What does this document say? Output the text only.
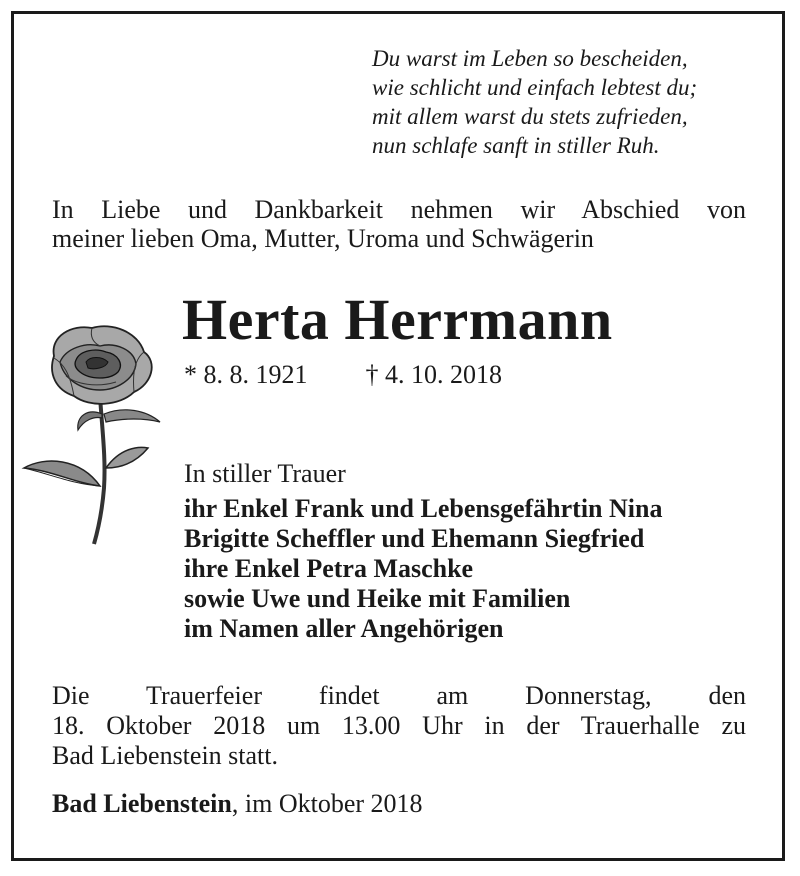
Du warst im Leben so bescheiden,
wie schlicht und einfach lebtest du;
mit allem warst du stets zufrieden,
nun schlafe sanft in stiller Ruh.
In Liebe und Dankbarkeit nehmen wir Abschied von
meiner lieben Oma, Mutter, Uroma und Schwägerin
Herta Herrmann
* 8. 8. 1921 † 4. 10. 2018
In stiller Trauer
ihr Enkel Frank und Lebensgefährtin Nina
Brigitte Scheffler und Ehemann Siegfried
ihre Enkel Petra Maschke
sowie Uwe und Heike mit Familien
im Namen aller Angehörigen
Die Trauerfeier findet am Donnerstag, den
18. Oktober 2018 um 13.00 Uhr in der Trauerhalle zu
Bad Liebenstein statt.
Bad Liebenstein, im Oktober 2018
